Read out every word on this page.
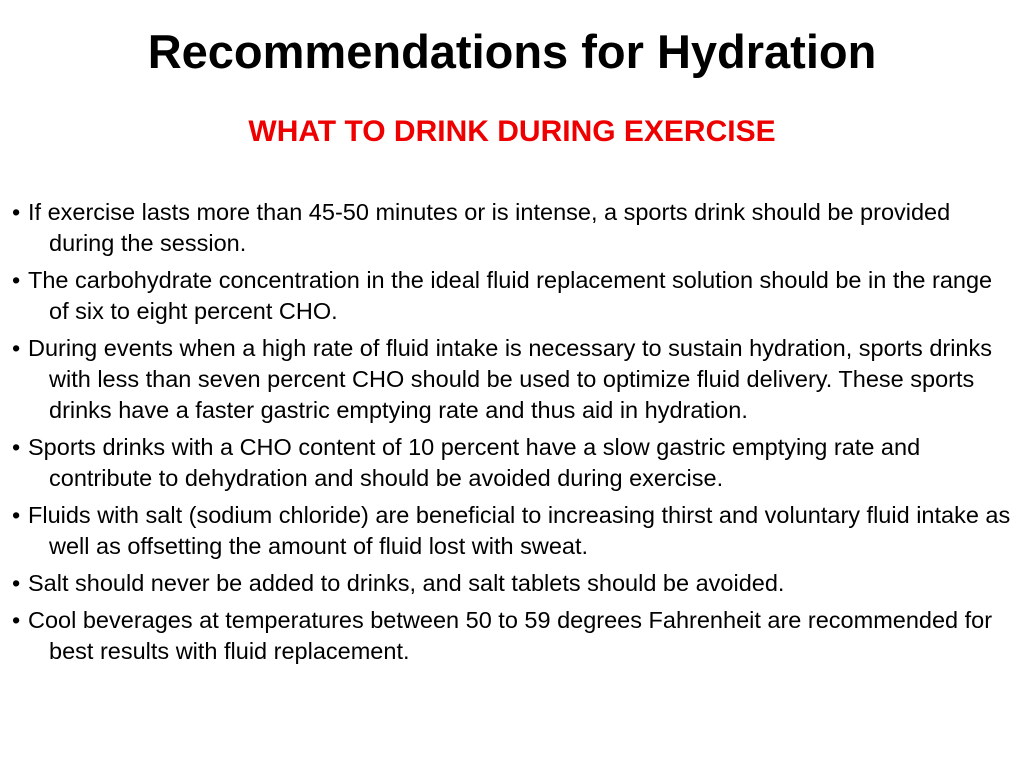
Recommendations for Hydration
WHAT TO DRINK DURING EXERCISE
• If exercise lasts more than 45-50 minutes or is intense, a sports drink should be provided during the session.
• The carbohydrate concentration in the ideal fluid replacement solution should be in the range of six to eight percent CHO.
• During events when a high rate of fluid intake is necessary to sustain hydration, sports drinks with less than seven percent CHO should be used to optimize fluid delivery. These sports drinks have a faster gastric emptying rate and thus aid in hydration.
• Sports drinks with a CHO content of 10 percent have a slow gastric emptying rate and contribute to dehydration and should be avoided during exercise.
• Fluids with salt (sodium chloride) are beneficial to increasing thirst and voluntary fluid intake as well as offsetting the amount of fluid lost with sweat.
• Salt should never be added to drinks, and salt tablets should be avoided.
• Cool beverages at temperatures between 50 to 59 degrees Fahrenheit are recommended for best results with fluid replacement.
